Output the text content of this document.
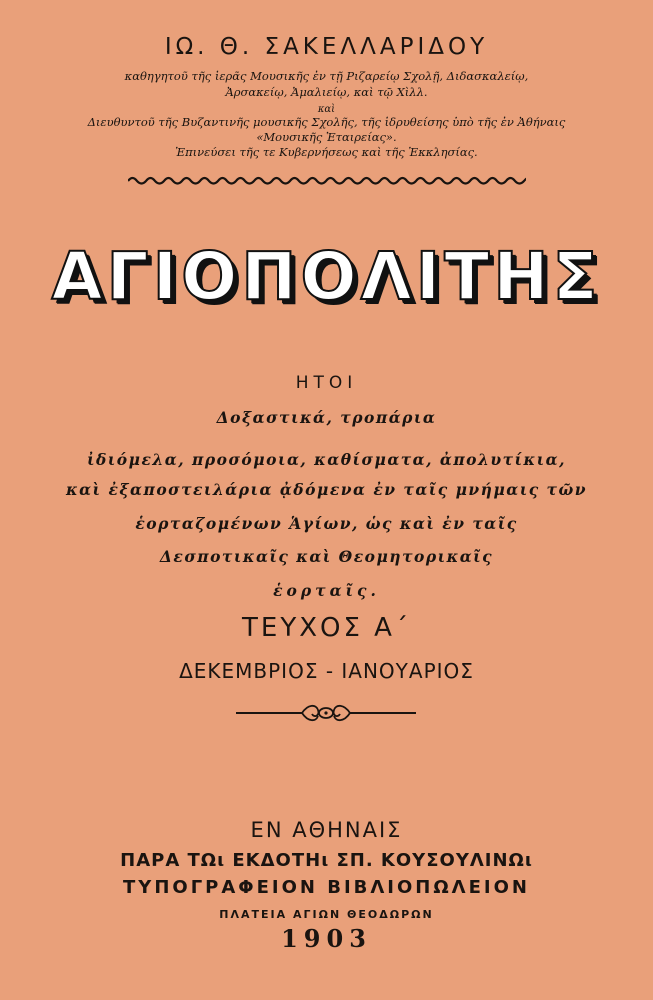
ΙΩ. Θ. ΣΑΚΕΛΛΑΡΙΔΟΥ
καθηγητοῦ τῆς ἱερᾶς Μουσικῆς ἐν τῇ Ριζαρείῳ Σχολῇ, Διδασκαλείῳ,
Ἀρσακείῳ, Ἀμαλιείῳ, καὶ τῷ Χὶλλ.
καὶ
Διευθυντοῦ τῆς Βυζαντινῆς μουσικῆς Σχολῆς, τῆς ἱδρυθείσης ὑπὸ τῆς ἐν Ἀθήναις
«Μουσικῆς Ἑταιρείας».
Ἐπινεύσει τῆς τε Κυβερνήσεως καὶ τῆς Ἐκκλησίας.
ΑΓΙΟΠΟΛΙΤΗΣ
ΗΤΟΙ
Δοξαστικά, τροπάρια
ἰδιόμελα, προσόμοια, καθίσματα, ἀπολυτίκια,
καὶ ἐξαποστειλάρια ᾀδόμενα ἐν ταῖς μνήμαις τῶν
ἑορταζομένων Ἁγίων, ὡς καὶ ἐν ταῖς
Δεσποτικαῖς καὶ Θεομητορικαῖς
ἑορταῖς.
ΤΕΥΧΟΣ Α΄
ΔΕΚΕΜΒΡΙΟΣ - ΙΑΝΟΥΑΡΙΟΣ
ΕΝ ΑΘΗΝΑΙΣ
ΠΑΡΑ ΤΩι ΕΚΔΟΤΗι ΣΠ. ΚΟΥΣΟΥΛΙΝΩι
ΤΥΠΟΓΡΑΦΕΙΟΝ ΒΙΒΛΙΟΠΩΛΕΙΟΝ
ΠΛΑΤΕΙΑ ΑΓΙΩΝ ΘΕΟΔΩΡΩΝ
1903
